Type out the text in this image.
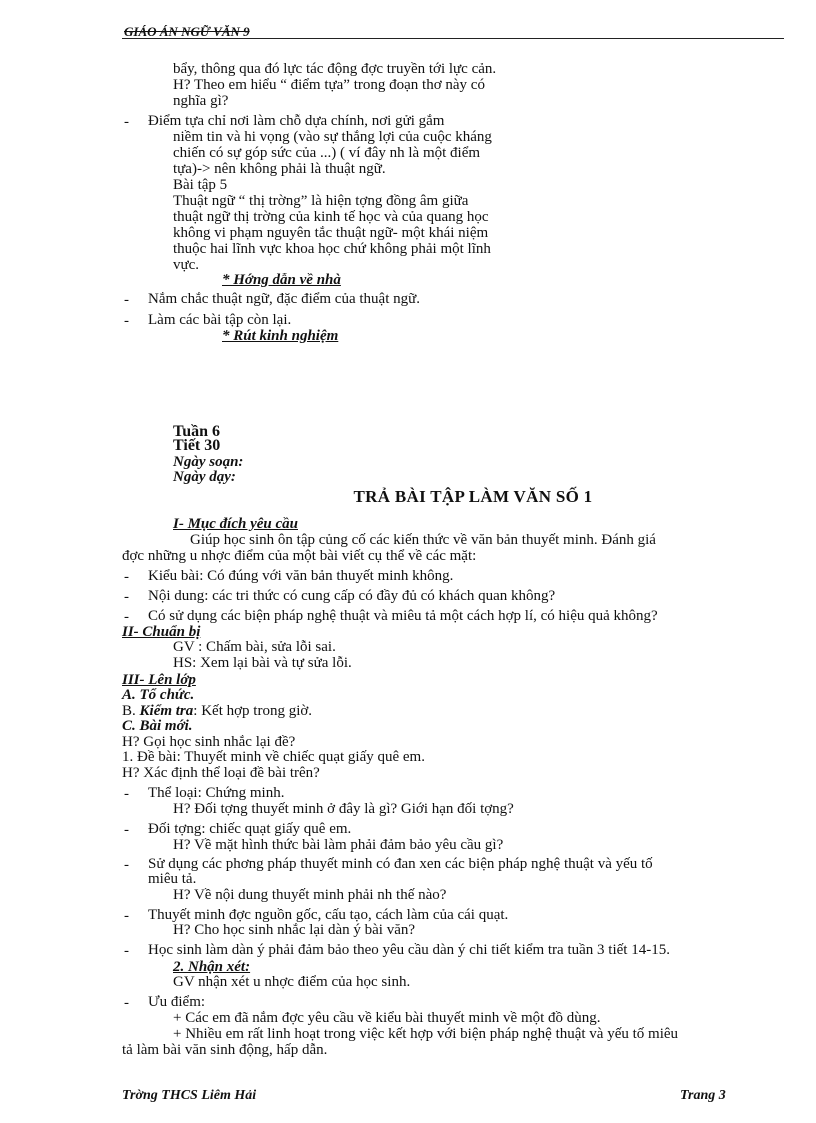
GIÁO ÁN NGỮ VĂN 9
* Hớng dẫn về nhà
* Rút kinh nghiệm
Tuần 6
Tiết 30
Ngày soạn:
Ngày dạy:
TRẢ BÀI TẬP LÀM VĂN SỐ 1
I- Mục đích yêu cầu
II- Chuẩn bị
III- Lên lớp
A. Tổ chức.
B. Kiểm tra: Kết hợp trong giờ.
C. Bài mới.
2. Nhận xét:
bẩy, thông qua đó lực tác động đợc truyền tới lực cản.
H? Theo em hiểu “ điểm tựa” trong đoạn thơ này có
nghĩa gì?
Điểm tựa chỉ nơi làm chỗ dựa chính, nơi gửi gắm
-
niềm tin và hi vọng (vào sự thắng lợi của cuộc kháng
chiến có sự góp sức của ...) ( ví đây nh là một điểm
tựa)-> nên không phải là thuật ngữ.
Bài tập 5
Thuật ngữ “ thị trờng” là hiện tợng đồng âm giữa
thuật ngữ thị trờng của kinh tế học và của quang học
không vi phạm nguyên tắc thuật ngữ- một khái niệm
thuộc hai lĩnh vực khoa học chứ không phải một lĩnh
vực.
Nắm chắc thuật ngữ, đặc điểm của thuật ngữ.
-
Làm các bài tập còn lại.
-
Giúp học sinh ôn tập củng cố các kiến thức về văn bản thuyết minh. Đánh giá
đợc những u nhợc điểm của một bài viết cụ thể về các mặt:
Kiểu bài: Có đúng với văn bản thuyết minh không.
-
Nội dung: các tri thức có cung cấp có đầy đủ có khách quan không?
-
Có sử dụng các biện pháp nghệ thuật và miêu tả một cách hợp lí, có hiệu quả không?
-
GV : Chấm bài, sửa lỗi sai.
HS: Xem lại bài và tự sửa lỗi.
H? Gọi học sinh nhắc lại đề?
1. Đề bài: Thuyết minh về chiếc quạt giấy quê em.
H? Xác định thể loại đề bài trên?
Thể loại: Chứng minh.
-
H? Đối tợng thuyết minh ở đây là gì? Giới hạn đối tợng?
Đối tợng: chiếc quạt giấy quê em.
-
H? Về mặt hình thức bài làm phải đảm bảo yêu cầu gì?
Sử dụng các phơng pháp thuyết minh có đan xen các biện pháp nghệ thuật và yếu tố
-
miêu tả.
H? Về nội dung thuyết minh phải nh thế nào?
Thuyết minh đợc nguồn gốc, cấu tạo, cách làm của cái quạt.
-
H? Cho học sinh nhắc lại dàn ý bài văn?
Học sinh làm dàn ý phải đảm bảo theo yêu cầu dàn ý chi tiết kiểm tra tuần 3 tiết 14-15.
-
GV nhận xét u nhợc điểm của học sinh.
Ưu điểm:
-
+ Các em đã nắm đợc yêu cầu về kiểu bài thuyết minh về một đồ dùng.
+ Nhiều em rất linh hoạt trong việc kết hợp với biện pháp nghệ thuật và yếu tố miêu
tả làm bài văn sinh động, hấp dẫn.
Trờng THCS Liêm Hải	Trang 3
